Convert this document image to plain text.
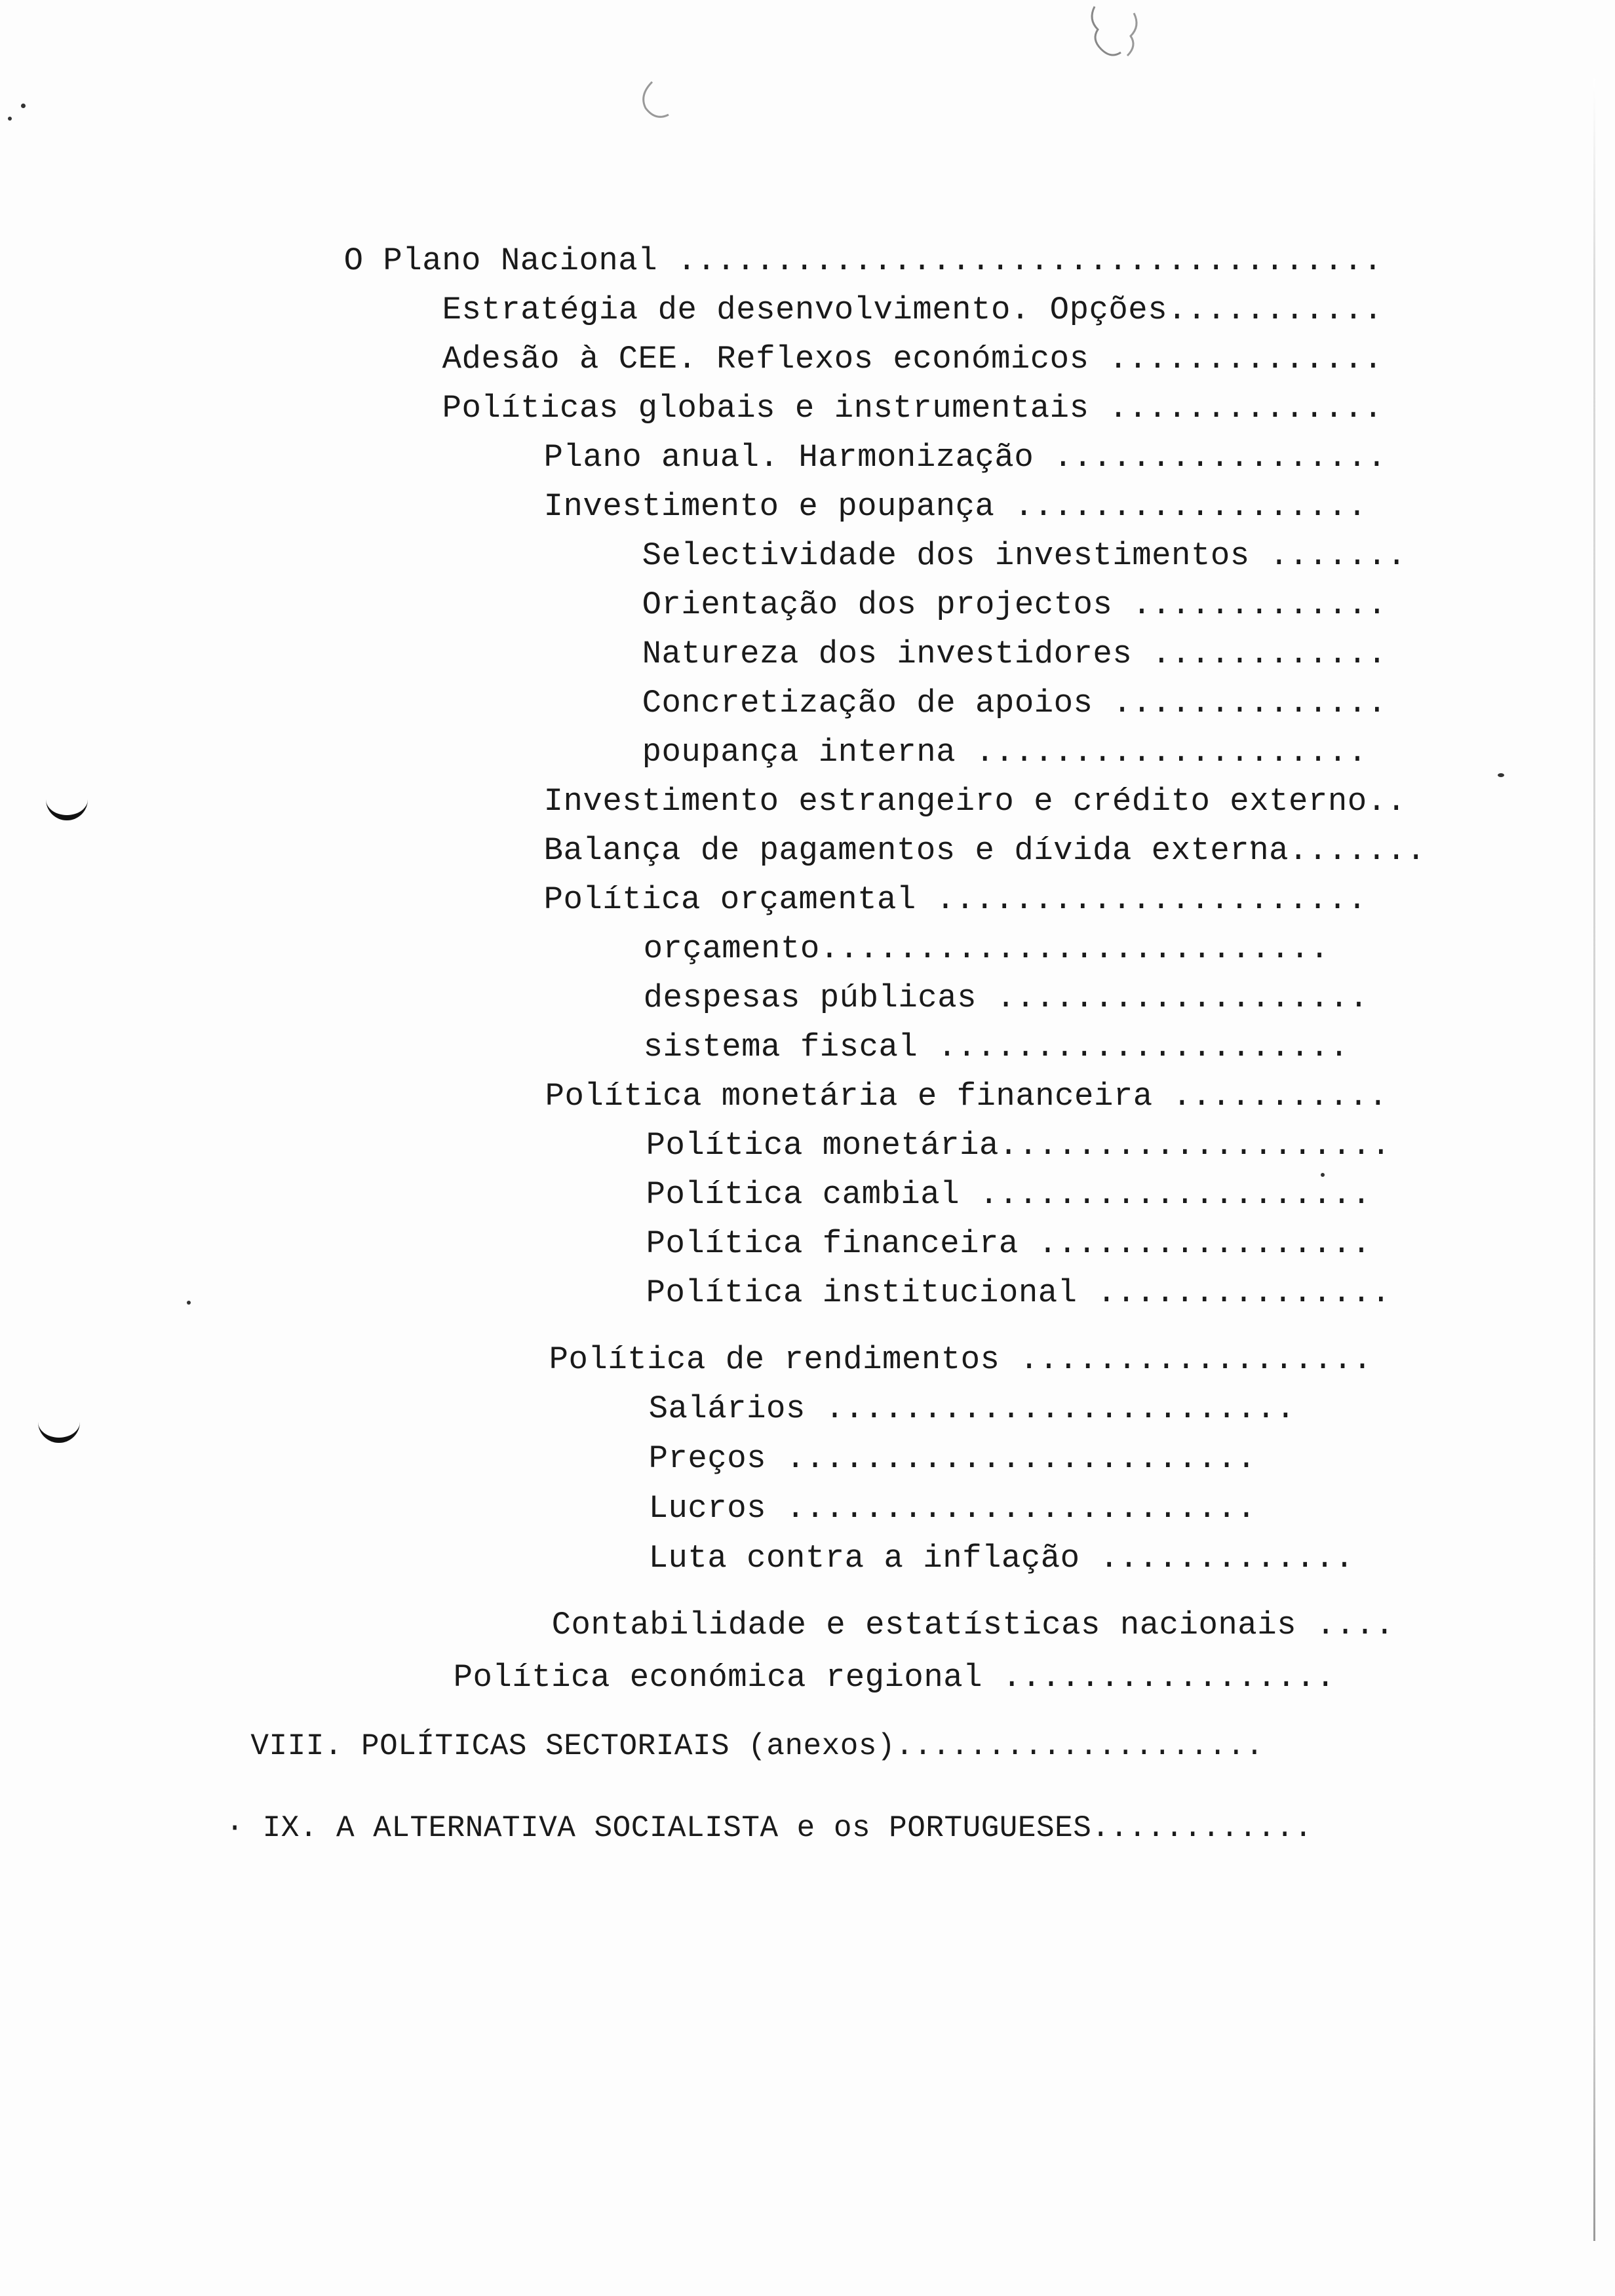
O Plano Nacional ....................................

Estratégia de desenvolvimento. Opções...........

Adesão à CEE. Reflexos económicos ..............

Políticas globais e instrumentais ..............

Plano anual. Harmonização .................

Investimento e poupança ..................

Selectividade dos investimentos .......

Orientação dos projectos .............

Natureza dos investidores ............

Concretização de apoios ..............

poupança interna ....................

Investimento estrangeiro e crédito externo..

Balança de pagamentos e dívida externa.......

Política orçamental ......................

orçamento..........................

despesas públicas ...................

sistema fiscal .....................

Política monetária e financeira ...........

Política monetária....................

Política cambial ....................

Política financeira .................

Política institucional ...............

Política de rendimentos ..................

Salários ........................

Preços ........................

Lucros ........................

Luta contra a inflação .............

Contabilidade e estatísticas nacionais ....

Política económica regional .................

VIII. POLÍTICAS SECTORIAIS (anexos)....................

· IX. A ALTERNATIVA SOCIALISTA e os PORTUGUESES............
